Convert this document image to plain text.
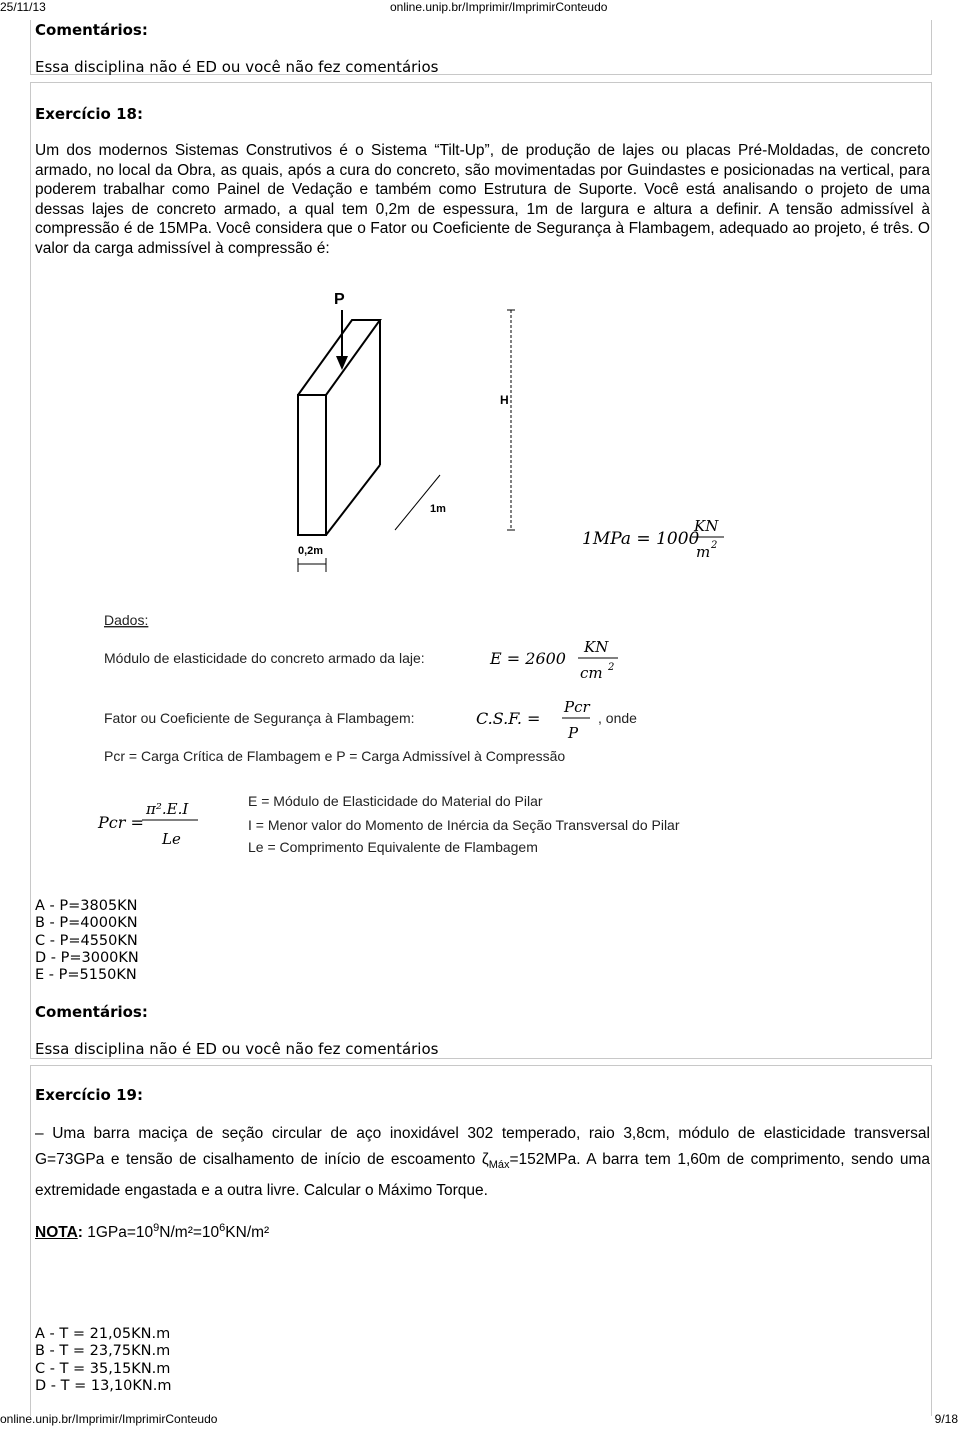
25/11/13	online.unip.br/Imprimir/ImprimirConteudo
Comentários:
Essa disciplina não é ED ou você não fez comentários
Exercício 18:
Um dos modernos Sistemas Construtivos é o Sistema “Tilt-Up”, de produção de lajes ou placas Pré-Moldadas, de concreto armado, no local da Obra, as quais, após a cura do concreto, são movimentadas por Guindastes e posicionadas na vertical, para poderem trabalhar como Painel de Vedação e também como Estrutura de Suporte. Você está analisando o projeto de uma dessas lajes de concreto armado, a qual tem 0,2m de espessura, 1m de largura e altura a definir. A tensão admissível à compressão é de 15MPa. Você considera que o Fator ou Coeficiente de Segurança à Flambagem, adequado ao projeto, é três. O valor da carga admissível à compressão é:
P
H
1m
0,2m
1MPa = 1000
KN
m 2
Dados:
Módulo de elasticidade do concreto armado da laje:	E = 2600
KN
cm 2
Fator ou Coeficiente de Segurança à Flambagem:	C.S.F. =
Pcr
P
, onde
Pcr = Carga Crítica de Flambagem e P = Carga Admissível à Compressão
Pcr =
π².E.I
Le
E = Módulo de Elasticidade do Material do Pilar
I = Menor valor do Momento de Inércia da Seção Transversal do Pilar
Le = Comprimento Equivalente de Flambagem
A - P=3805KN
B - P=4000KN
C - P=4550KN
D - P=3000KN
E - P=5150KN
Comentários:
Essa disciplina não é ED ou você não fez comentários
Exercício 19:
– Uma barra maciça de seção circular de aço inoxidável 302 temperado, raio 3,8cm, módulo de elasticidade transversal G=73GPa e tensão de cisalhamento de início de escoamento $\zeta_{Máx}=152MPa$. A barra tem 1,60m de comprimento, sendo uma extremidade engastada e a outra livre. Calcular o Máximo Torque.
NOTA: $1GPa=10^9N/m^2=10^6KN/m^2$
A - T = 21,05KN.m
B - T = 23,75KN.m
C - T = 35,15KN.m
D - T = 13,10KN.m
online.unip.br/Imprimir/ImprimirConteudo	9/18
